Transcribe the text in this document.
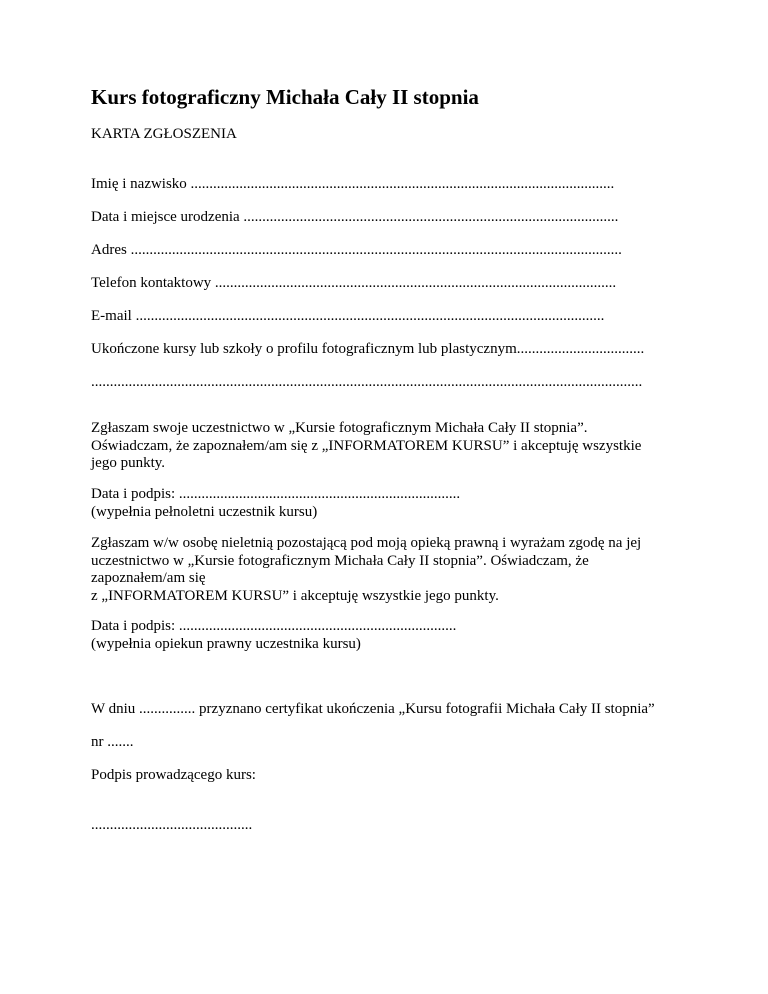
Kurs fotograficzny Michała Cały II stopnia
KARTA ZGŁOSZENIA
Imię i nazwisko .................................................................................................................
Data i miejsce urodzenia ....................................................................................................
Adres ...................................................................................................................................
Telefon kontaktowy ...........................................................................................................
E-mail .............................................................................................................................
Ukończone kursy lub szkoły o profilu fotograficznym lub plastycznym..................................
...................................................................................................................................................
Zgłaszam swoje uczestnictwo w „Kursie fotograficznym Michała Cały II stopnia”.
Oświadczam, że zapoznałem/am się z „INFORMATOREM KURSU” i akceptuję wszystkie
jego punkty.
Data i podpis: ...........................................................................
(wypełnia pełnoletni uczestnik kursu)
Zgłaszam w/w osobę nieletnią pozostającą pod moją opieką prawną i wyrażam zgodę na jej
uczestnictwo w „Kursie fotograficznym Michała Cały II stopnia”. Oświadczam, że
zapoznałem/am się
z „INFORMATOREM KURSU” i akceptuję wszystkie jego punkty.
Data i podpis: ..........................................................................
(wypełnia opiekun prawny uczestnika kursu)
W dniu ............... przyznano certyfikat ukończenia „Kursu fotografii Michała Cały II stopnia”
nr .......
Podpis prowadzącego kurs:
...........................................
